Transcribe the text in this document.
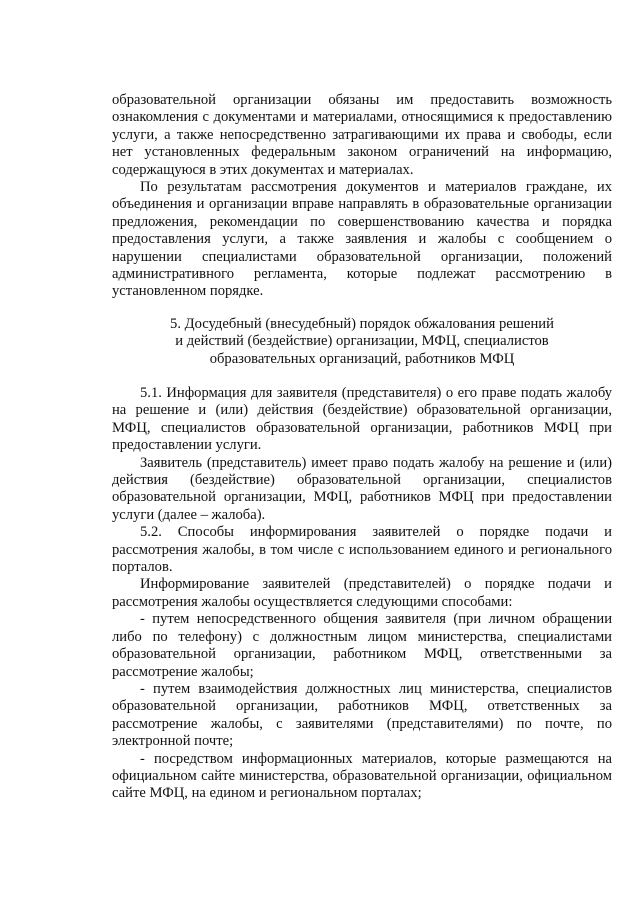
образовательной организации обязаны им предоставить возможность ознакомления с документами и материалами, относящимися к предоставлению услуги, а также непосредственно затрагивающими их права и свободы, если нет установленных федеральным законом ограничений на информацию, содержащуюся в этих документах и материалах.

По результатам рассмотрения документов и материалов граждане, их объединения и организации вправе направлять в образовательные организации предложения, рекомендации по совершенствованию качества и порядка предоставления услуги, а также заявления и жалобы с сообщением о нарушении специалистами образовательной организации, положений административного регламента, которые подлежат рассмотрению в установленном порядке.

5. Досудебный (внесудебный) порядок обжалования решений

и действий (бездействие) организации, МФЦ, специалистов

образовательных организаций, работников МФЦ

5.1. Информация для заявителя (представителя) о его праве подать жалобу на решение и (или) действия (бездействие) образовательной организации, МФЦ, специалистов образовательной организации, работников МФЦ при предоставлении услуги.

Заявитель (представитель) имеет право подать жалобу на решение и (или) действия (бездействие) образовательной организации, специалистов образовательной организации, МФЦ, работников МФЦ при предоставлении услуги (далее – жалоба).

5.2. Способы информирования заявителей о порядке подачи и рассмотрения жалобы, в том числе с использованием единого и регионального порталов.

Информирование заявителей (представителей) о порядке подачи и рассмотрения жалобы осуществляется следующими способами:

- путем непосредственного общения заявителя (при личном обращении либо по телефону) с должностным лицом министерства, специалистами образовательной организации, работником МФЦ, ответственными за рассмотрение жалобы;

- путем взаимодействия должностных лиц министерства, специалистов образовательной организации, работников МФЦ, ответственных за рассмотрение жалобы, с заявителями (представителями) по почте, по электронной почте;

- посредством информационных материалов, которые размещаются на официальном сайте министерства, образовательной организации, официальном сайте МФЦ, на едином и региональном порталах;
